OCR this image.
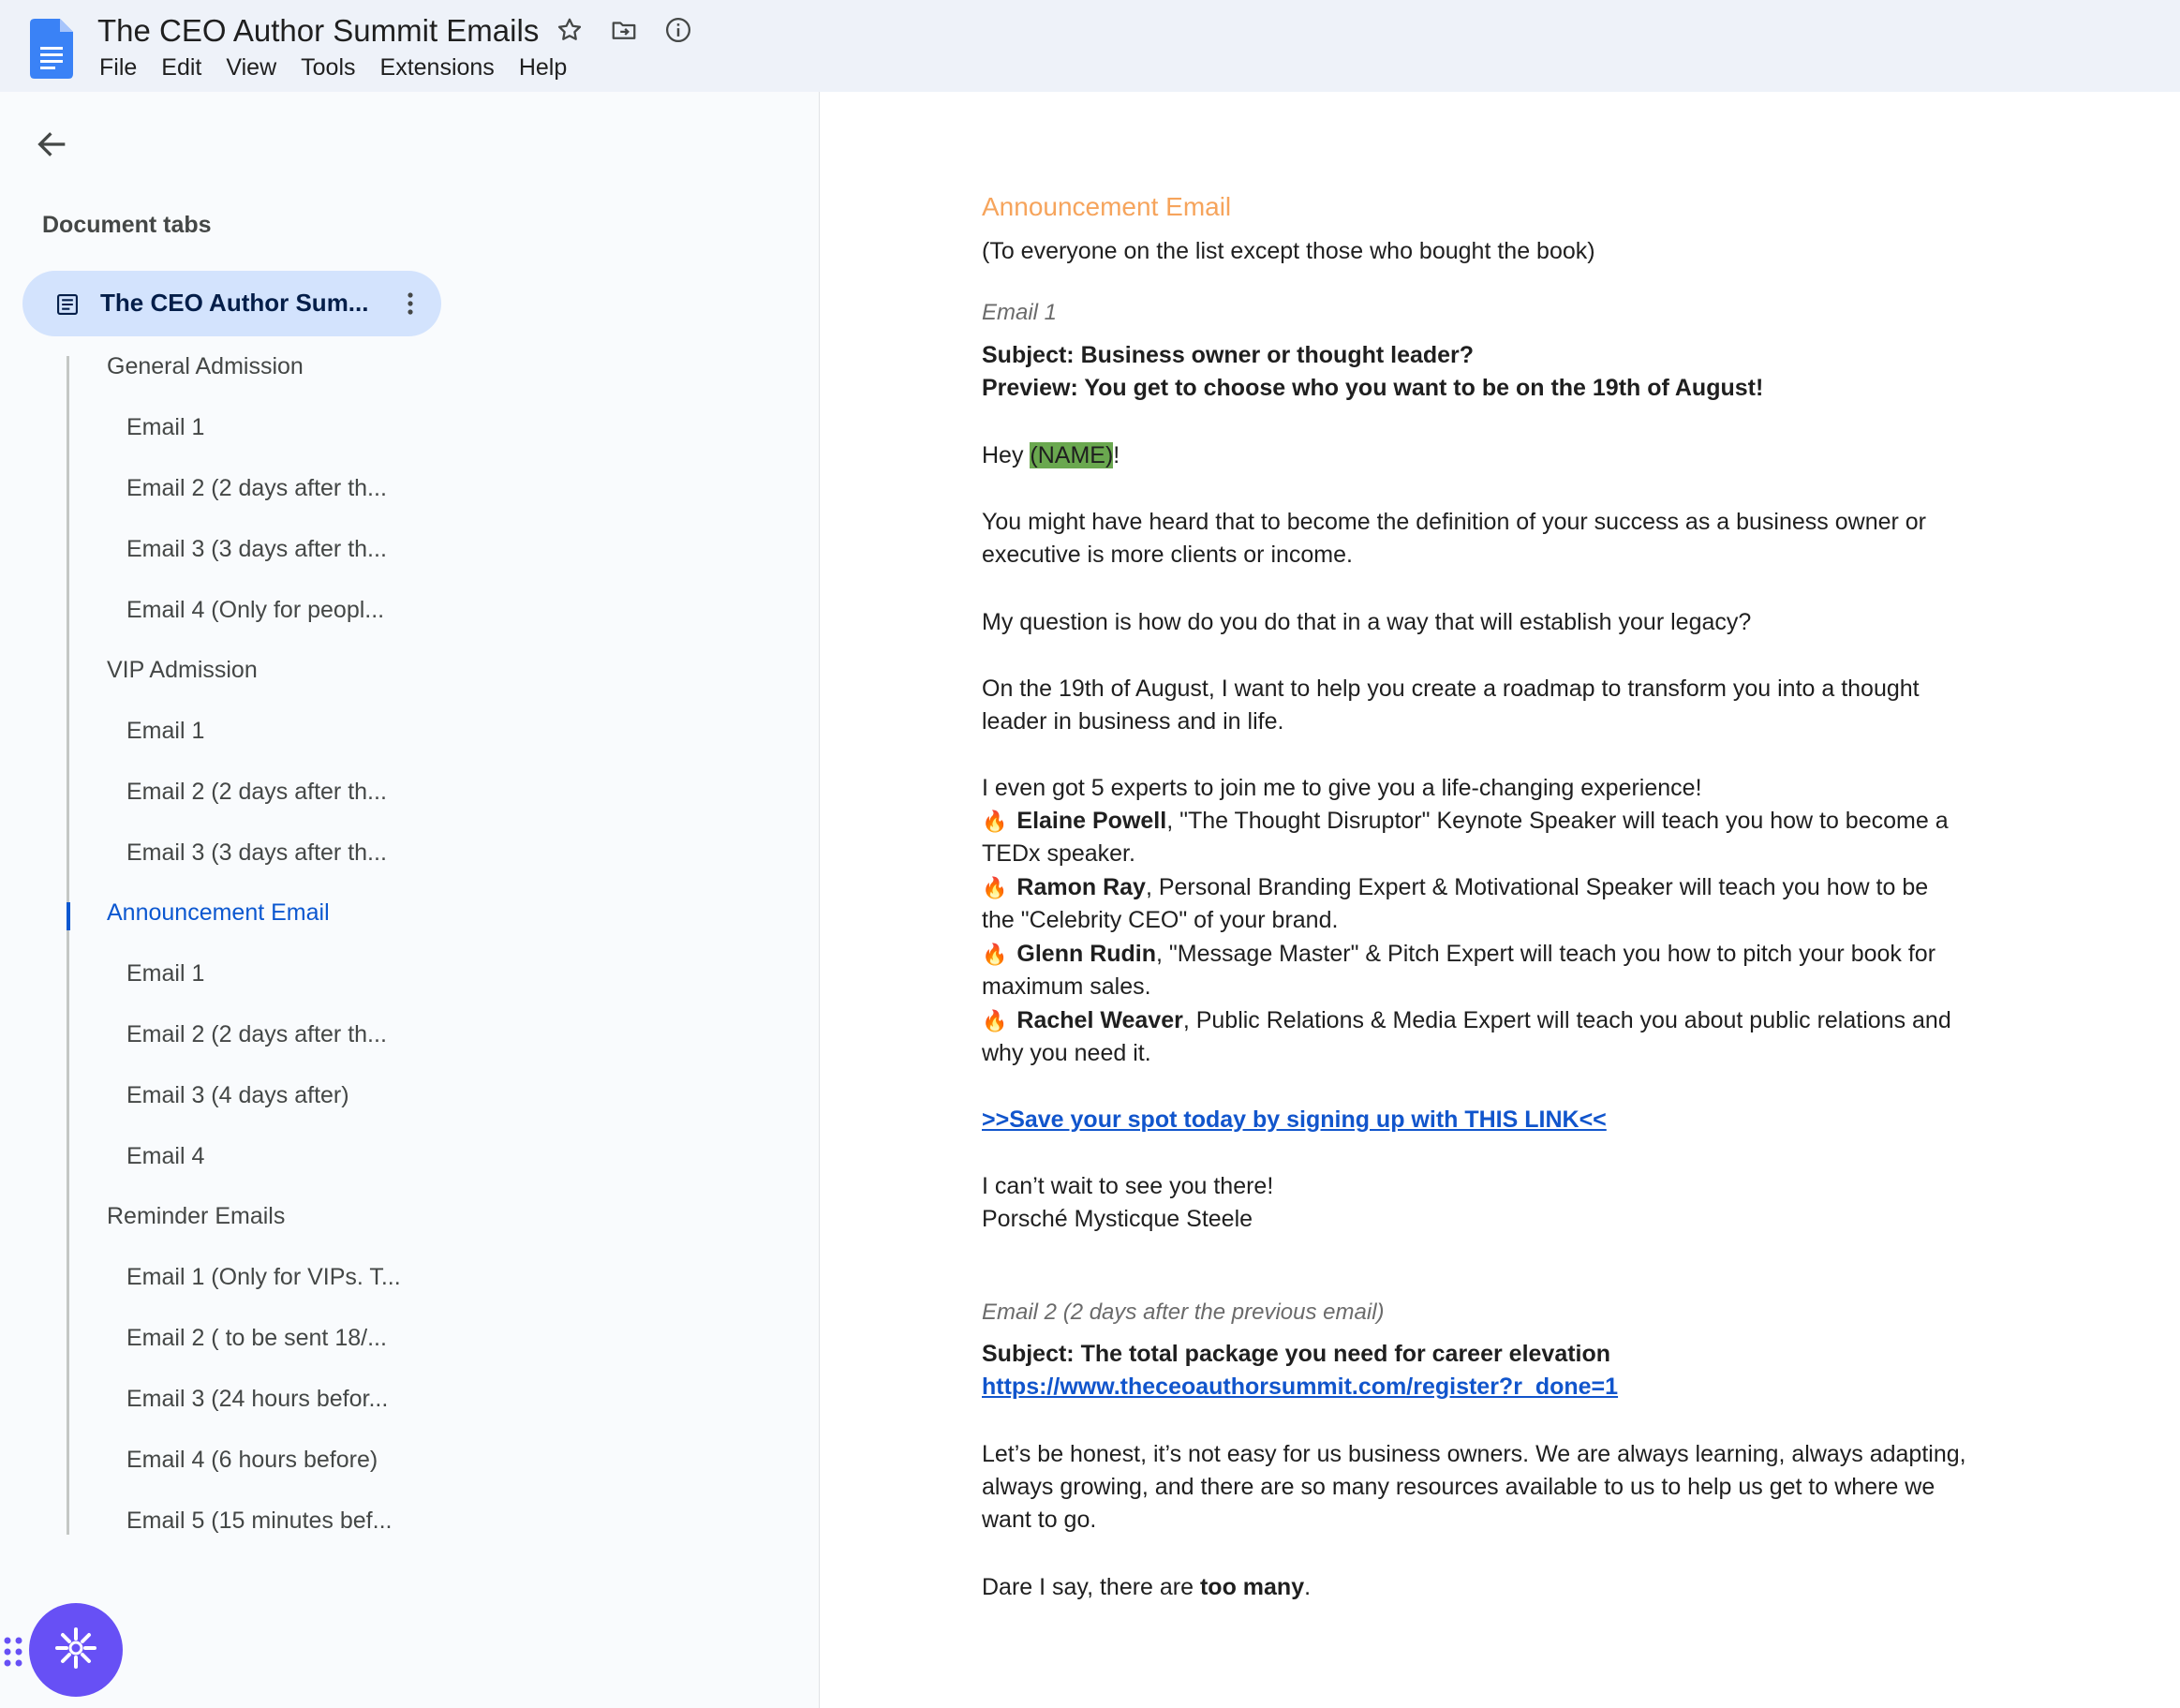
The CEO Author Summit Emails
File	Edit	View	Tools	Extensions	Help
Document tabs
The CEO Author Sum...
General Admission
Email 1
Email 2 (2 days after th...
Email 3 (3 days after th...
Email 4 (Only for peopl...
VIP Admission
Email 1
Email 2 (2 days after th...
Email 3 (3 days after th...
Announcement Email
Email 1
Email 2 (2 days after th...
Email 3 (4 days after)
Email 4
Reminder Emails
Email 1 (Only for VIPs. T...
Email 2 ( to be sent 18/...
Email 3 (24 hours befor...
Email 4 (6 hours before)
Email 5 (15 minutes bef...
Announcement Email
(To everyone on the list except those who bought the book)
Email 1
Subject: Business owner or thought leader?
Preview: You get to choose who you want to be on the 19th of August!
Hey (NAME)!
You might have heard that to become the definition of your success as a business owner or
executive is more clients or income.
My question is how do you do that in a way that will establish your legacy?
On the 19th of August, I want to help you create a roadmap to transform you into a thought
leader in business and in life.
I even got 5 experts to join me to give you a life-changing experience!
🔥 Elaine Powell, "The Thought Disruptor" Keynote Speaker will teach you how to become a
TEDx speaker.
🔥 Ramon Ray, Personal Branding Expert & Motivational Speaker will teach you how to be
the "Celebrity CEO" of your brand.
🔥 Glenn Rudin, "Message Master" & Pitch Expert will teach you how to pitch your book for
maximum sales.
🔥 Rachel Weaver, Public Relations & Media Expert will teach you about public relations and
why you need it.
>>Save your spot today by signing up with THIS LINK<<
I can’t wait to see you there!
Porsché Mysticque Steele
Email 2 (2 days after the previous email)
Subject: The total package you need for career elevation
https://www.theceoauthorsummit.com/register?r_done=1
Let’s be honest, it’s not easy for us business owners. We are always learning, always adapting,
always growing, and there are so many resources available to us to help us get to where we
want to go.
Dare I say, there are too many.
